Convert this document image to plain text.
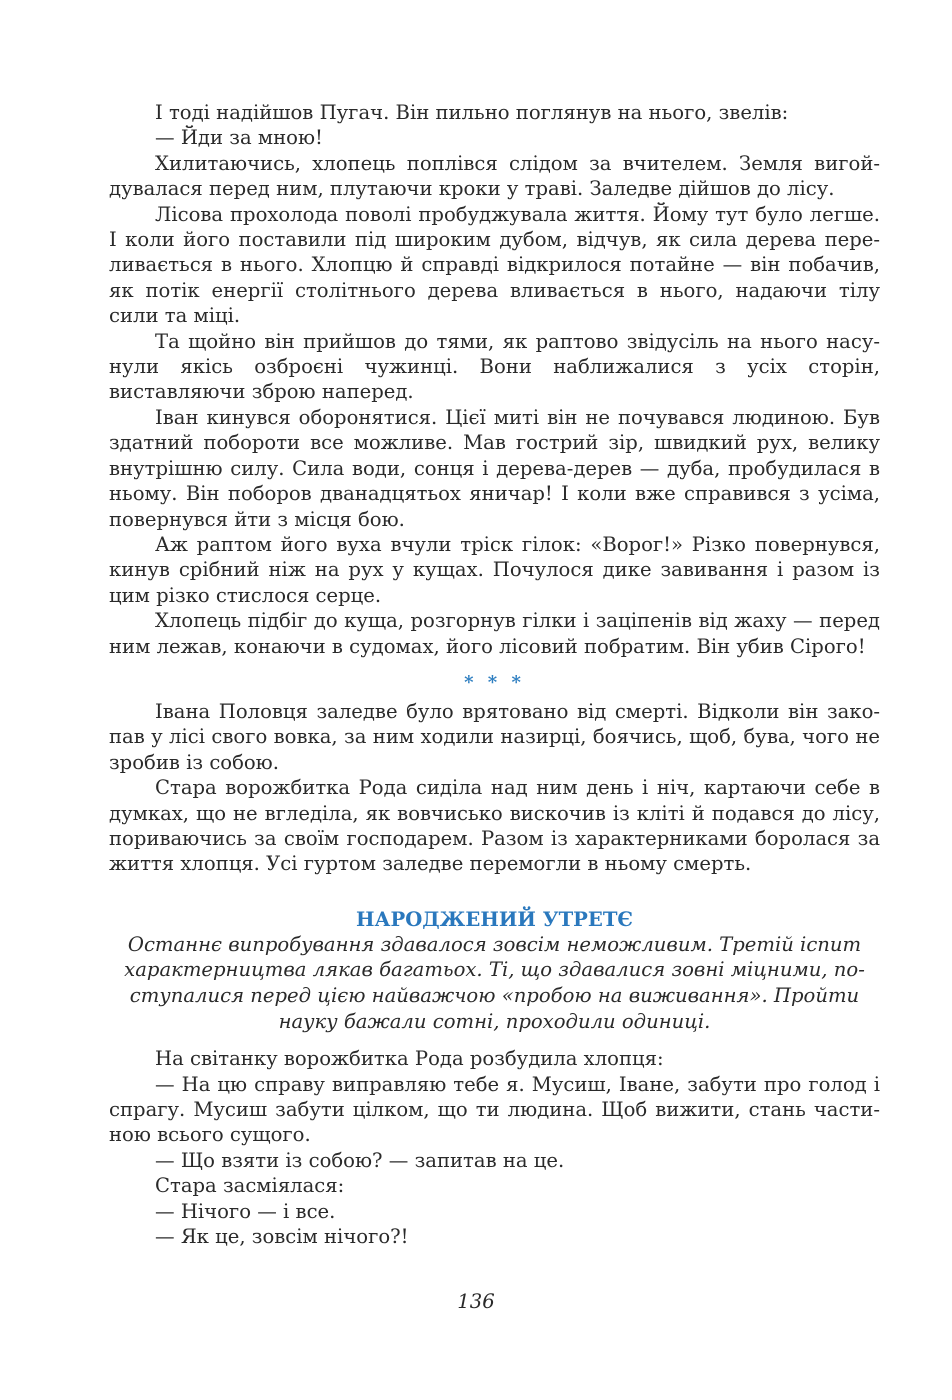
І тоді надійшов Пугач. Він пильно поглянув на нього, звелів:

— Йди за мною!

Хилитаючись, хлопець поплівся слідом за вчителем. Земля вигойдувалася перед ним, плутаючи кроки у траві. Заледве дійшов до лісу.

Лісова прохолода поволі пробуджувала життя. Йому тут було легше. І коли його поставили під широким дубом, відчув, як сила дерева переливається в нього. Хлопцю й справді відкрилося потайне — він побачив, як потік енергії столітнього дерева вливається в нього, надаючи тілу сили та міці.

Та щойно він прийшов до тями, як раптово звідусіль на нього насунули якісь озброєні чужинці. Вони наближалися з усіх сторін, виставляючи зброю наперед.

Іван кинувся оборонятися. Цієї миті він не почувався людиною. Був здатний побороти все можливе. Мав гострий зір, швидкий рух, велику внутрішню силу. Сила води, сонця і дерева-дерев — дуба, пробудилася в ньому. Він поборов дванадцятьох яничар! І коли вже справився з усіма, повернувся йти з місця бою.

Аж раптом його вуха вчули тріск гілок: «Ворог!» Різко повернувся, кинув срібний ніж на рух у кущах. Почулося дике завивання і разом із цим різко стислося серце.

Хлопець підбіг до куща, розгорнув гілки і заціпенів від жаху — перед ним лежав, конаючи в судомах, його лісовий побратим. Він убив Сірого!

* * *

Івана Половця заледве було врятовано від смерті. Відколи він закопав у лісі свого вовка, за ним ходили назирці, боячись, щоб, бува, чого не зробив із собою.

Стара ворожбитка Рода сиділа над ним день і ніч, картаючи себе в думках, що не вгледіла, як вовчисько вискочив із кліті й подався до лісу, пориваючись за своїм господарем. Разом із характерниками боролася за життя хлопця. Усі гуртом заледве перемогли в ньому смерть.

НАРОДЖЕНИЙ УТРЕТЄ
Останнє випробування здавалося зовсім неможливим. Третій іспит характерництва лякав багатьох. Ті, що здавалися зовні міцними, поступалися перед цією найважчою «пробою на виживання». Пройти науку бажали сотні, проходили одиниці.

На світанку ворожбитка Рода розбудила хлопця:

— На цю справу виправляю тебе я. Мусиш, Іване, забути про голод і спрагу. Мусиш забути цілком, що ти людина. Щоб вижити, стань частиною всього сущого.

— Що взяти із собою? — запитав на це.

Стара засміялася:

— Нічого — і все.

— Як це, зовсім нічого?!

136
